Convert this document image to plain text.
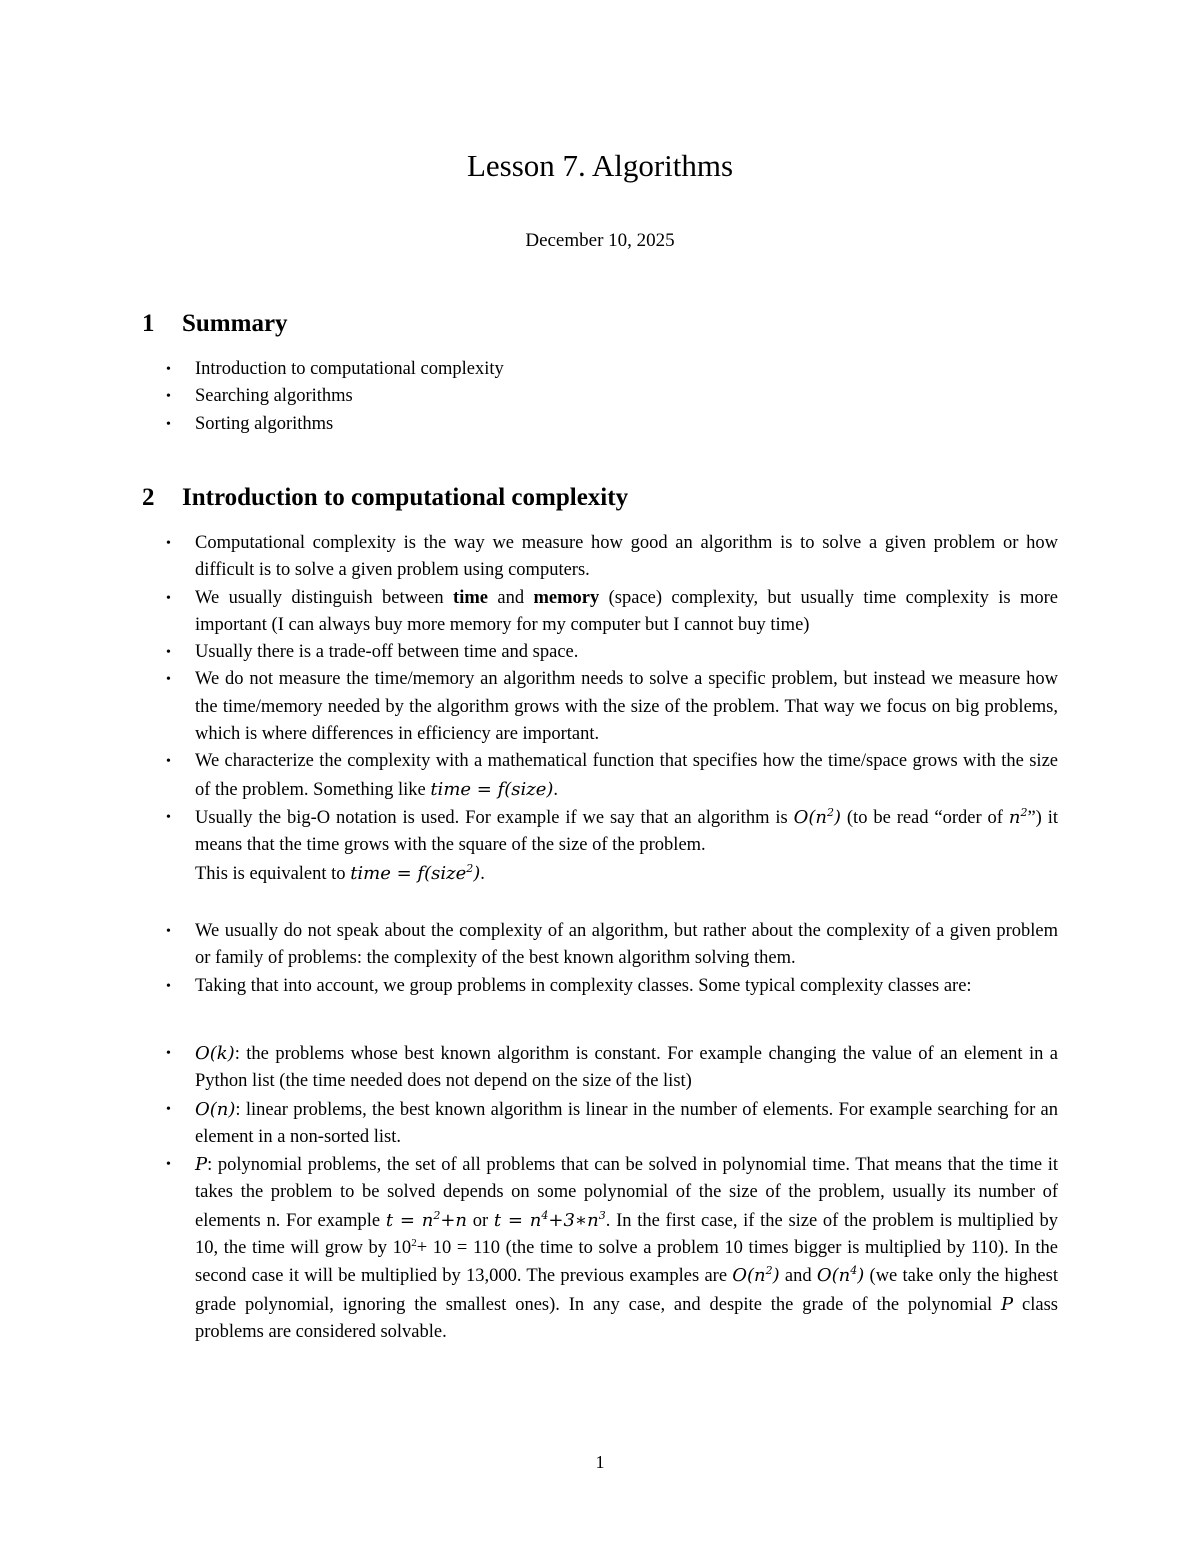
Lesson 7. Algorithms
December 10, 2025
1 Summary
• Introduction to computational complexity
• Searching algorithms
• Sorting algorithms
2 Introduction to computational complexity
• Computational complexity is the way we measure how good an algorithm is to solve a given problem or how difficult is to solve a given problem using computers.
• We usually distinguish between time and memory (space) complexity, but usually time complexity is more important (I can always buy more memory for my computer but I cannot buy time)
• Usually there is a trade-off between time and space.
• We do not measure the time/memory an algorithm needs to solve a specific problem, but instead we measure how the time/memory needed by the algorithm grows with the size of the problem. That way we focus on big problems, which is where differences in efficiency are important.
• We characterize the complexity with a mathematical function that specifies how the time/space grows with the size of the problem. Something like time = f(size).
• Usually the big-O notation is used. For example if we say that an algorithm is $O(n^2)$ (to be read “order of $n^2$”) it means that the time grows with the square of the size of the problem.
This is equivalent to time = f(size$^2$).
• We usually do not speak about the complexity of an algorithm, but rather about the complexity of a given problem or family of problems: the complexity of the best known algorithm solving them.
• Taking that into account, we group problems in complexity classes. Some typical complexity classes are:
• O(k): the problems whose best known algorithm is constant. For example changing the value of an element in a Python list (the time needed does not depend on the size of the list)
• O(n): linear problems, the best known algorithm is linear in the number of elements. For example searching for an element in a non-sorted list.
• P: polynomial problems, the set of all problems that can be solved in polynomial time. That means that the time it takes the problem to be solved depends on some polynomial of the size of the problem, usually its number of elements n. For example $t = n^2+n$ or $t = n^4+3∗n^3$. In the first case, if the size of the problem is multiplied by 10, the time will grow by $10^2+ 10 = 110$ (the time to solve a problem 10 times bigger is multiplied by 110). In the second case it will be multiplied by 13,000. The previous examples are $O(n^2)$ and $O(n^4)$ (we take only the highest grade polynomial, ignoring the smallest ones). In any case, and despite the grade of the polynomial P class problems are considered solvable.
1
